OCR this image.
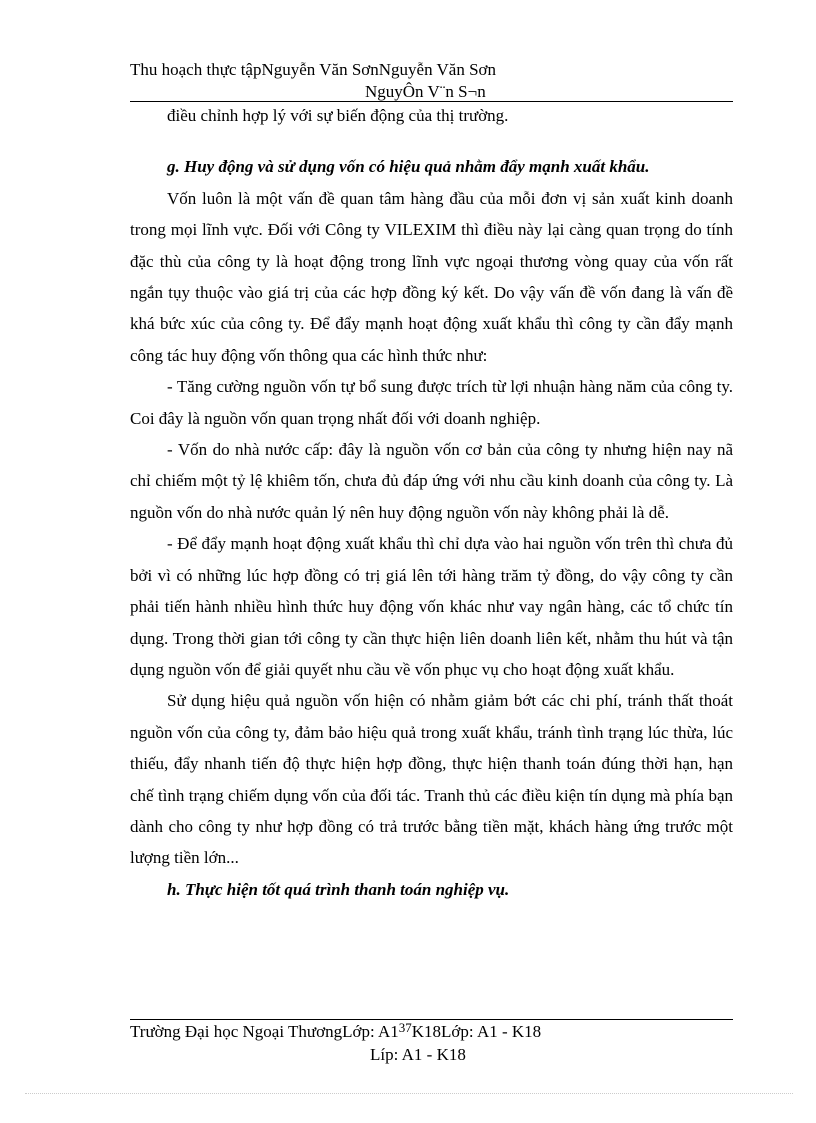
Thu hoạch thực tậpNguyễn Văn SơnNguyễn Văn Sơn
NguyÔn V¨n S¬n

điều chỉnh hợp lý với sự biến động của thị trường.

g. Huy động và sử dụng vốn có hiệu quả nhằm đẩy mạnh xuất khẩu.

Vốn luôn là một vấn đề quan tâm hàng đầu của mỗi đơn vị sản xuất kinh doanh trong mọi lĩnh vực. Đối với Công ty VILEXIM thì điều này lại càng quan trọng do tính đặc thù của công ty là hoạt động trong lĩnh vực ngoại thương vòng quay của vốn rất ngắn tụy thuộc vào giá trị của các hợp đồng ký kết. Do vậy vấn đề vốn đang là vấn đề khá bức xúc của công ty. Để đẩy mạnh hoạt động xuất khẩu thì công ty cần đẩy mạnh công tác huy động vốn thông qua các hình thức như:

- Tăng cường nguồn vốn tự bổ sung được trích từ lợi nhuận hàng năm của công ty. Coi đây là nguồn vốn quan trọng nhất đối với doanh nghiệp.

- Vốn do nhà nước cấp: đây là nguồn vốn cơ bản của công ty nhưng hiện nay nã chỉ chiếm một tỷ lệ khiêm tốn, chưa đủ đáp ứng với nhu cầu kinh doanh của công ty. Là nguồn vốn do nhà nước quản lý nên huy động nguồn vốn này không phải là dễ.

- Để đẩy mạnh hoạt động xuất khẩu thì chỉ dựa vào hai nguồn vốn trên thì chưa đủ bởi vì có những lúc hợp đồng có trị giá lên tới hàng trăm tỷ đồng, do vậy công ty cần phải tiến hành nhiều hình thức huy động vốn khác như vay ngân hàng, các tổ chức tín dụng. Trong thời gian tới công ty cần thực hiện liên doanh liên kết, nhằm thu hút và tận dụng nguồn vốn để giải quyết nhu cầu về vốn phục vụ cho hoạt động xuất khẩu.

Sử dụng hiệu quả nguồn vốn hiện có nhằm giảm bớt các chi phí, tránh thất thoát nguồn vốn của công ty, đảm bảo hiệu quả trong xuất khẩu, tránh tình trạng lúc thừa, lúc thiếu, đẩy nhanh tiến độ thực hiện hợp đồng, thực hiện thanh toán đúng thời hạn, hạn chế tình trạng chiếm dụng vốn của đối tác. Tranh thủ các điều kiện tín dụng mà phía bạn dành cho công ty như hợp đồng có trả trước bằng tiền mặt, khách hàng ứng trước một lượng tiền lớn...

h. Thực hiện tốt quá trình thanh toán nghiệp vụ.

Trường Đại học Ngoại ThươngLớp: $A1^{37}K18Lớp$: A1 - K18
Líp: A1 - K18
